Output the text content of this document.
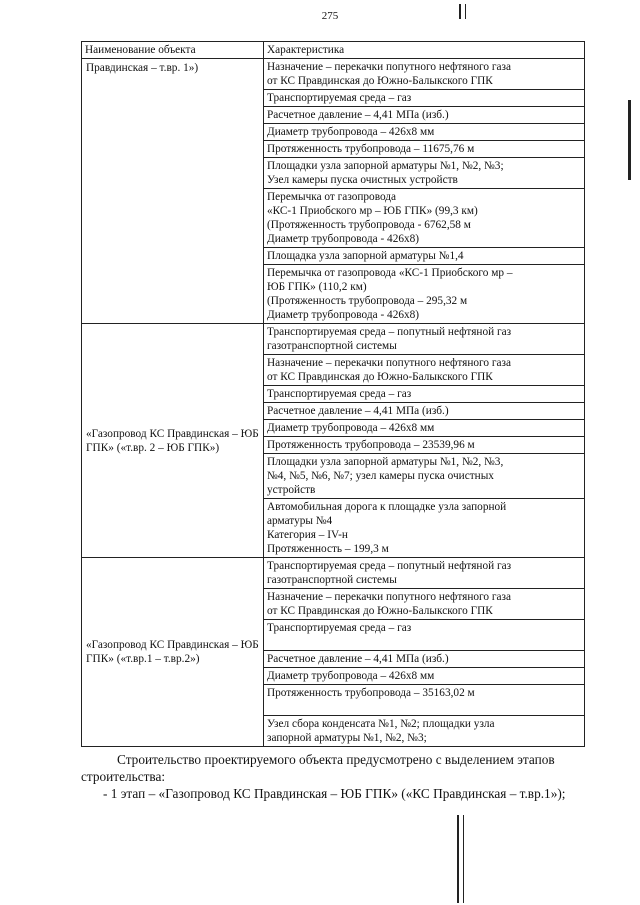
275
Наименование объекта	Характеристика
Правдинская – т.вр. 1»)	Назначение – перекачки попутного нефтяного газа
от КС Правдинская до Южно-Балыкского ГПК

	Транспортируемая среда – газ

	Расчетное давление – 4,41 МПа (изб.)

	Диаметр трубопровода – 426х8 мм

	Протяженность трубопровода – 11675,76 м

	Площадки узла запорной арматуры №1, №2, №3;
Узел камеры пуска очистных устройств

	Перемычка от газопровода
«КС-1 Приобского мр – ЮБ ГПК» (99,3 км)
(Протяженность трубопровода - 6762,58 м
Диаметр трубопровода - 426х8)

	Площадка узла запорной арматуры №1,4

	Перемычка от газопровода «КС-1 Приобского мр –
ЮБ ГПК» (110,2 км)
(Протяженность трубопровода – 295,32 м
Диаметр трубопровода - 426х8)

«Газопровод КС Правдинская – ЮБ ГПК» («т.вр. 2 – ЮБ ГПК»)	Транспортируемая среда – попутный нефтяной газ
газотранспортной системы

	Назначение – перекачки попутного нефтяного газа
от КС Правдинская до Южно-Балыкского ГПК

	Транспортируемая среда – газ

	Расчетное давление – 4,41 МПа (изб.)

	Диаметр трубопровода – 426х8 мм

	Протяженность трубопровода – 23539,96 м

	Площадки узла запорной арматуры №1, №2, №3,
№4, №5, №6, №7; узел камеры пуска очистных
устройств

	Автомобильная дорога к площадке узла запорной
арматуры №4
Категория – IV-н
Протяженность – 199,3 м

«Газопровод КС Правдинская – ЮБ ГПК» («т.вр.1 – т.вр.2»)	Транспортируемая среда – попутный нефтяной газ
газотранспортной системы

	Назначение – перекачки попутного нефтяного газа
от КС Правдинская до Южно-Балыкского ГПК

	Транспортируемая среда – газ

	Расчетное давление – 4,41 МПа (изб.)

	Диаметр трубопровода – 426х8 мм

	Протяженность трубопровода – 35163,02 м

	Узел сбора конденсата №1, №2; площадки узла
запорной арматуры №1, №2, №3;

Строительство проектируемого объекта предусмотрено с выделением этапов строительства:

- 1 этап – «Газопровод КС Правдинская – ЮБ ГПК» («КС Правдинская – т.вр.1»);
